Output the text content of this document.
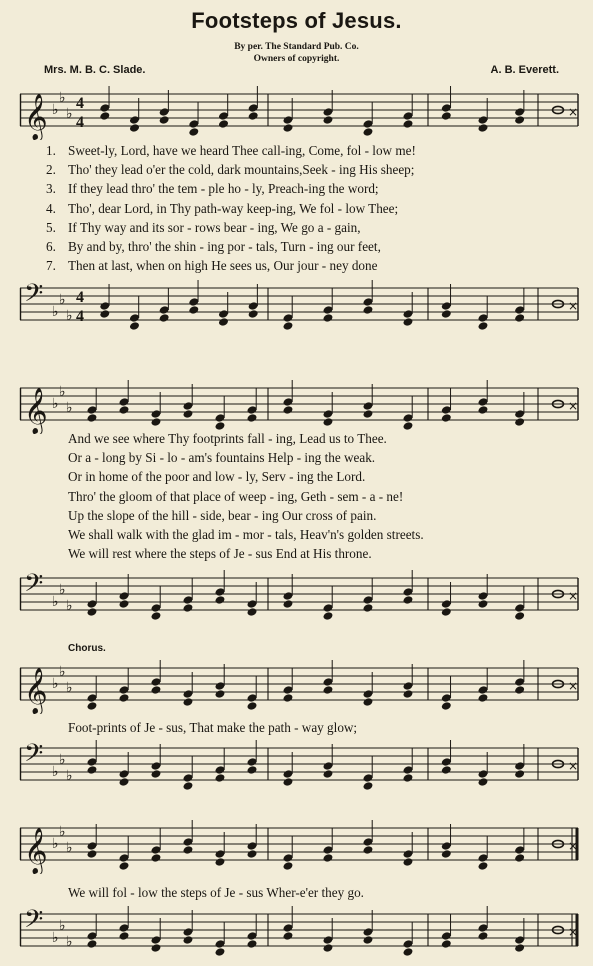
Footsteps of Jesus.
By per. The Standard Pub. Co.
Owners of copyright.
Mrs. M. B. C. Slade.	A. B. Everett.
𝄞 ♭
♭
♭
4
4
×
1. Sweet-ly, Lord, have we heard Thee call-ing, Come, fol - low me!
2. Tho' they lead o'er the cold, dark mountains,Seek - ing His sheep;
3. If they lead thro' the tem - ple ho - ly, Preach-ing the word;
4. Tho', dear Lord, in Thy path-way keep-ing, We fol - low Thee;
5. If Thy way and its sor - rows bear - ing, We go a - gain,
6. By and by, thro' the shin - ing por - tals, Turn - ing our feet,
7. Then at last, when on high He sees us, Our jour - ney done
𝄢 ♭
♭
♭
4
4
×
𝄞 ♭
♭
♭	×
And we see where Thy footprints fall - ing, Lead us to Thee.
Or a - long by Si - lo - am's fountains Help - ing the weak.
Or in home of the poor and low - ly, Serv - ing the Lord.
Thro' the gloom of that place of weep - ing, Geth - sem - a - ne!
Up the slope of the hill - side, bear - ing Our cross of pain.
We shall walk with the glad im - mor - tals, Heav'n's golden streets.
We will rest where the steps of Je - sus End at His throne.
𝄢 ♭
♭
♭
×
Chorus.
𝄞 ♭
♭
♭	×
Foot-prints of Je - sus, That make the path - way glow;
𝄢 ♭
♭
♭
×
𝄞 ♭
♭
♭	×
We will fol - low the steps of Je - sus Wher-e'er they go.
𝄢 ♭
♭
♭
×
